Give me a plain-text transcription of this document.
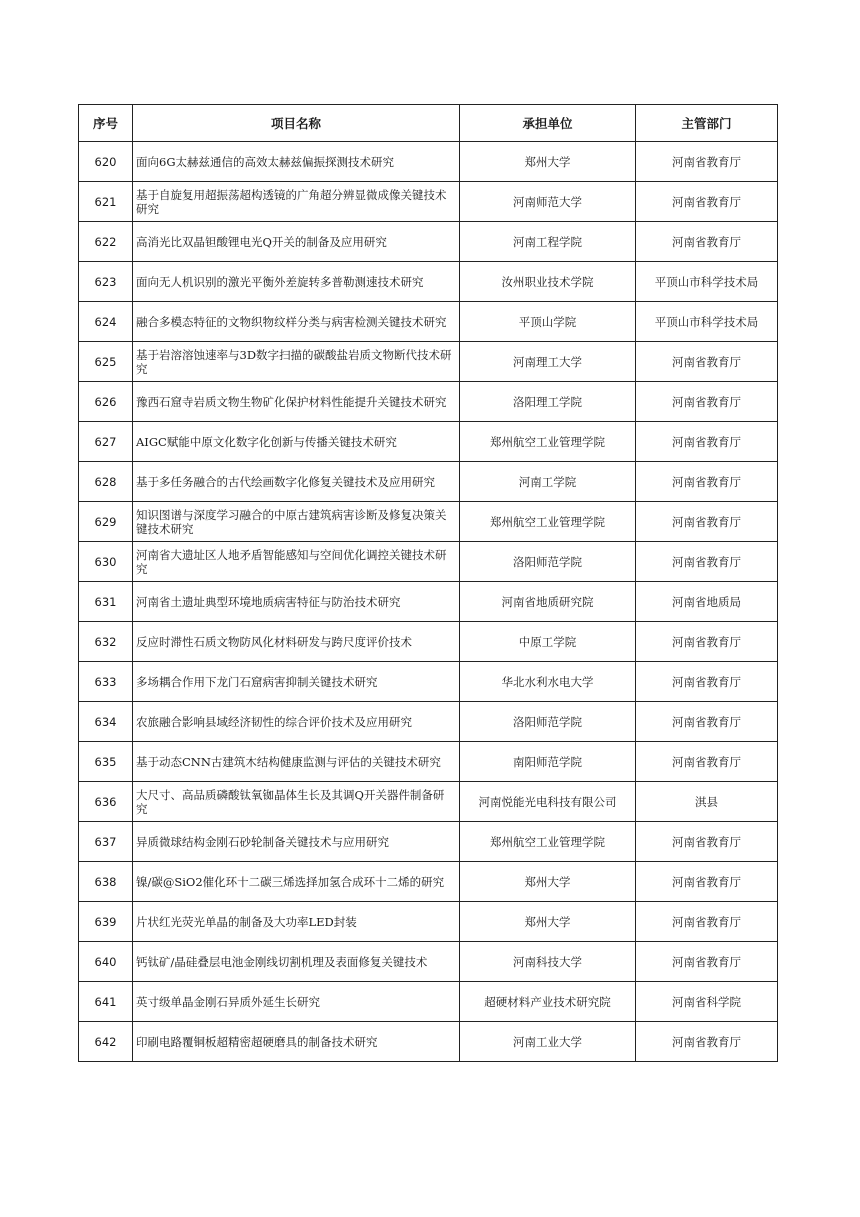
序号	项目名称	承担单位	主管部门
620	面向6G太赫兹通信的高效太赫兹偏振探测技术研究	郑州大学	河南省教育厅
621	基于自旋复用超振荡超构透镜的广角超分辨显微成像关键技术研究	河南师范大学	河南省教育厅
622	高消光比双晶钽酸锂电光Q开关的制备及应用研究	河南工程学院	河南省教育厅
623	面向无人机识别的激光平衡外差旋转多普勒测速技术研究	汝州职业技术学院	平顶山市科学技术局
624	融合多模态特征的文物织物纹样分类与病害检测关键技术研究	平顶山学院	平顶山市科学技术局
625	基于岩溶溶蚀速率与3D数字扫描的碳酸盐岩质文物断代技术研究	河南理工大学	河南省教育厅
626	豫西石窟寺岩质文物生物矿化保护材料性能提升关键技术研究	洛阳理工学院	河南省教育厅
627	AIGC赋能中原文化数字化创新与传播关键技术研究	郑州航空工业管理学院	河南省教育厅
628	基于多任务融合的古代绘画数字化修复关键技术及应用研究	河南工学院	河南省教育厅
629	知识图谱与深度学习融合的中原古建筑病害诊断及修复决策关键技术研究	郑州航空工业管理学院	河南省教育厅
630	河南省大遗址区人地矛盾智能感知与空间优化调控关键技术研究	洛阳师范学院	河南省教育厅
631	河南省土遗址典型环境地质病害特征与防治技术研究	河南省地质研究院	河南省地质局
632	反应时滞性石质文物防风化材料研发与跨尺度评价技术	中原工学院	河南省教育厅
633	多场耦合作用下龙门石窟病害抑制关键技术研究	华北水利水电大学	河南省教育厅
634	农旅融合影响县域经济韧性的综合评价技术及应用研究	洛阳师范学院	河南省教育厅
635	基于动态CNN古建筑木结构健康监测与评估的关键技术研究	南阳师范学院	河南省教育厅
636	大尺寸、高品质磷酸钛氧铷晶体生长及其调Q开关器件制备研究	河南悦能光电科技有限公司	淇县
637	异质微球结构金刚石砂轮制备关键技术与应用研究	郑州航空工业管理学院	河南省教育厅
638	镍/碳@SiO2催化环十二碳三烯选择加氢合成环十二烯的研究	郑州大学	河南省教育厅
639	片状红光荧光单晶的制备及大功率LED封装	郑州大学	河南省教育厅
640	钙钛矿/晶硅叠层电池金刚线切割机理及表面修复关键技术	河南科技大学	河南省教育厅
641	英寸级单晶金刚石异质外延生长研究	超硬材料产业技术研究院	河南省科学院
642	印刷电路覆铜板超精密超硬磨具的制备技术研究	河南工业大学	河南省教育厅
